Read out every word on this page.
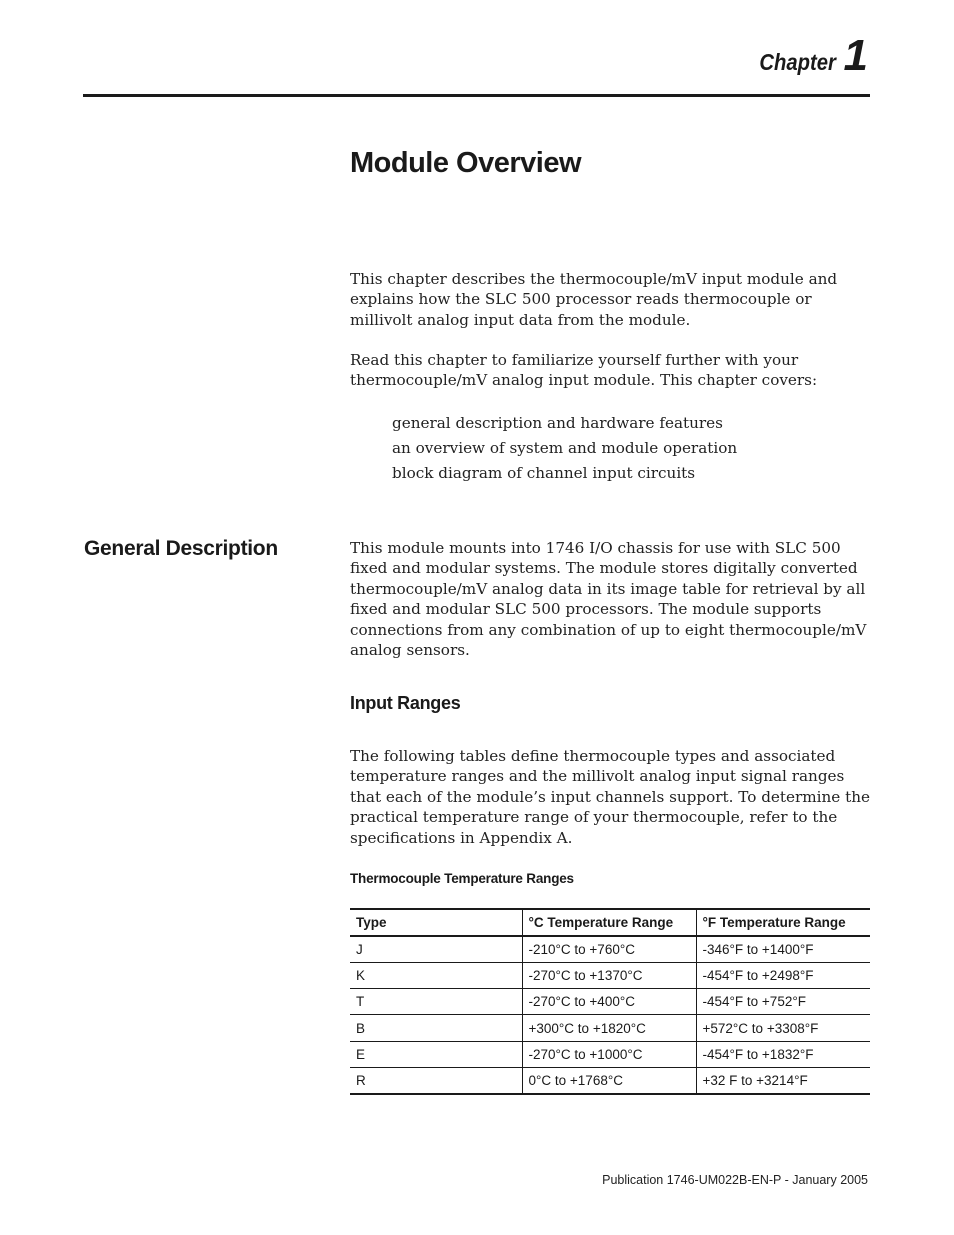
Chapter 1
Module Overview

This chapter describes the thermocouple/mV input module and explains how the SLC 500 processor reads thermocouple or millivolt analog input data from the module.

Read this chapter to familiarize yourself further with your thermocouple/mV analog input module. This chapter covers:

general description and hardware features
an overview of system and module operation
block diagram of channel input circuits
General Description	This module mounts into 1746 I/O chassis for use with SLC 500 fixed and modular systems. The module stores digitally converted thermocouple/mV analog data in its image table for retrieval by all fixed and modular SLC 500 processors. The module supports connections from any combination of up to eight thermocouple/mV analog sensors.

Input Ranges

The following tables define thermocouple types and associated temperature ranges and the millivolt analog input signal ranges that each of the module’s input channels support. To determine the practical temperature range of your thermocouple, refer to the specifications in Appendix A.

Thermocouple Temperature Ranges

Type	°C Temperature Range	°F Temperature Range
J	-210°C to +760°C	-346°F to +1400°F
K	-270°C to +1370°C	-454°F to +2498°F
T	-270°C to +400°C	-454°F to +752°F
B	+300°C to +1820°C	+572°C to +3308°F
E	-270°C to +1000°C	-454°F to +1832°F
R	0°C to +1768°C	+32 F to +3214°F
Publication 1746-UM022B-EN-P - January 2005
